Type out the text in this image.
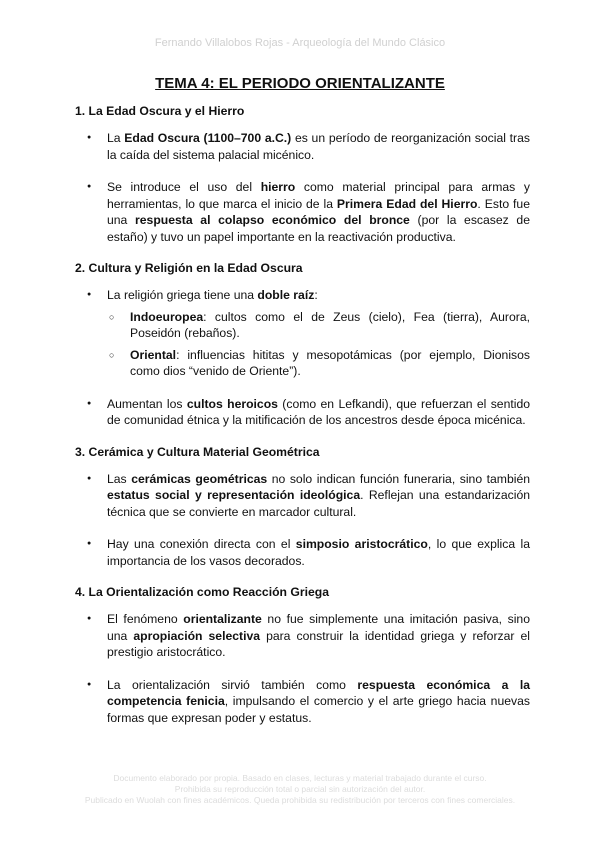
Fernando Villalobos Rojas - Arqueología del Mundo Clásico
TEMA 4: EL PERIODO ORIENTALIZANTE
1. La Edad Oscura y el Hierro
● La Edad Oscura (1100–700 a.C.) es un período de reorganización social tras la caída del sistema palacial micénico.
● Se introduce el uso del hierro como material principal para armas y herramientas, lo que marca el inicio de la Primera Edad del Hierro. Esto fue una respuesta al colapso económico del bronce (por la escasez de estaño) y tuvo un papel importante en la reactivación productiva.
2. Cultura y Religión en la Edad Oscura
● La religión griega tiene una doble raíz:
○ Indoeuropea: cultos como el de Zeus (cielo), Fea (tierra), Aurora, Poseidón (rebaños).
○ Oriental: influencias hititas y mesopotámicas (por ejemplo, Dionisos como dios “venido de Oriente”).
● Aumentan los cultos heroicos (como en Lefkandi), que refuerzan el sentido de comunidad étnica y la mitificación de los ancestros desde época micénica.
3. Cerámica y Cultura Material Geométrica
● Las cerámicas geométricas no solo indican función funeraria, sino también estatus social y representación ideológica. Reflejan una estandarización técnica que se convierte en marcador cultural.
● Hay una conexión directa con el simposio aristocrático, lo que explica la importancia de los vasos decorados.
4. La Orientalización como Reacción Griega
● El fenómeno orientalizante no fue simplemente una imitación pasiva, sino una apropiación selectiva para construir la identidad griega y reforzar el prestigio aristocrático.
● La orientalización sirvió también como respuesta económica a la competencia fenicia, impulsando el comercio y el arte griego hacia nuevas formas que expresan poder y estatus.
Documento elaborado por propia. Basado en clases, lecturas y material trabajado durante el curso.
Prohibida su reproducción total o parcial sin autorización del autor.
Publicado en Wuolah con fines académicos. Queda prohibida su redistribución por terceros con fines comerciales.
